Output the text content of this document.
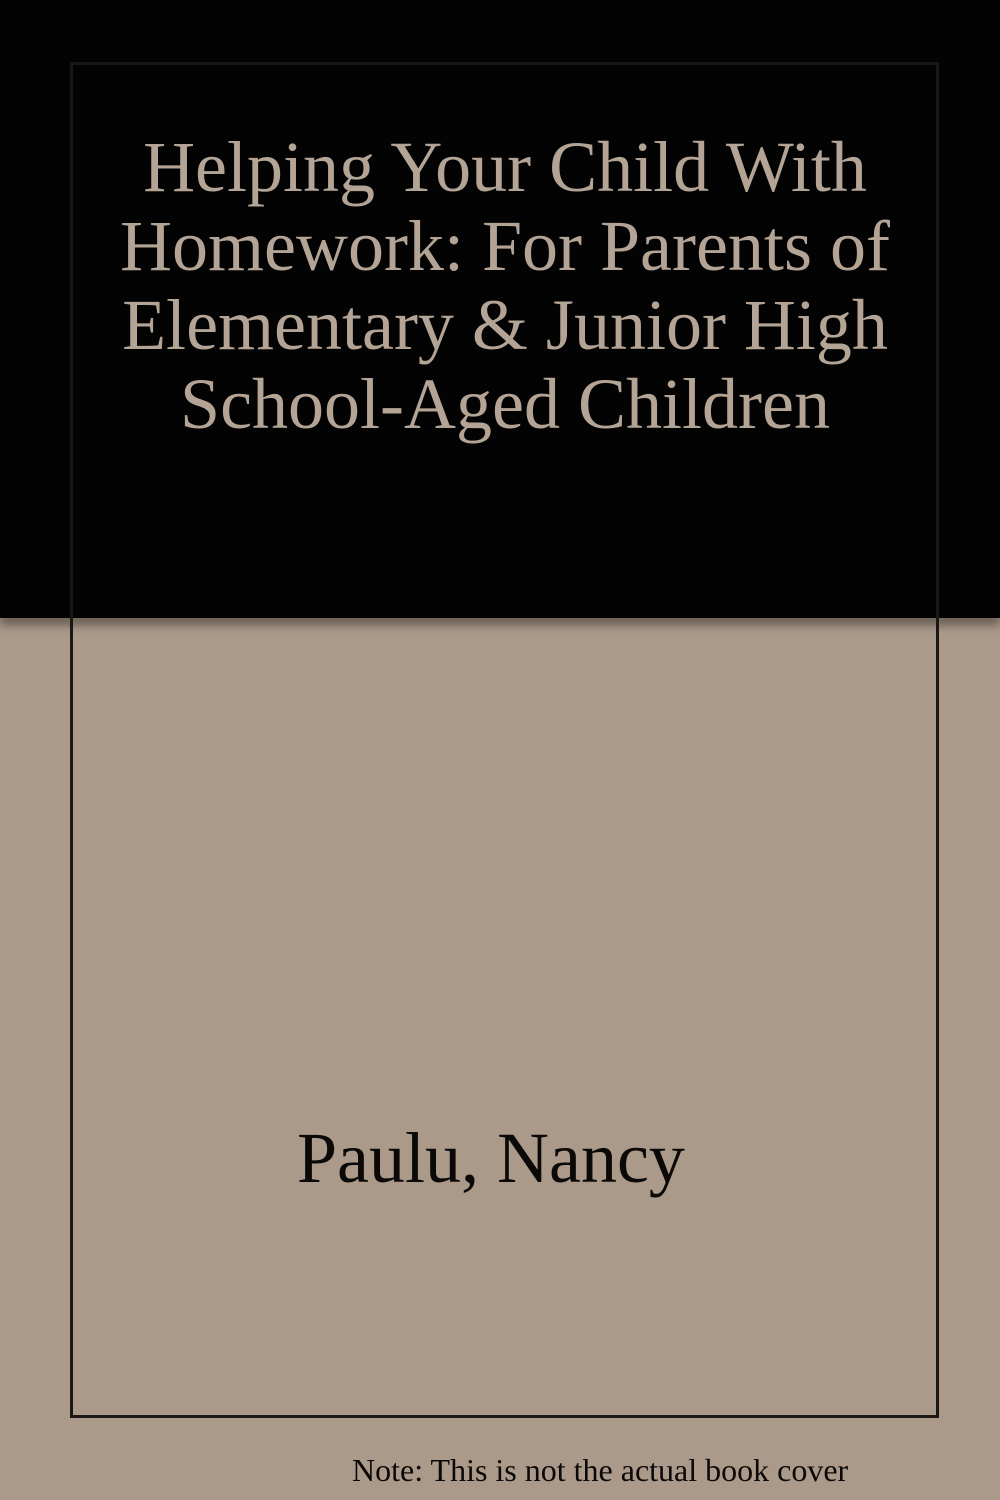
Helping Your Child With Homework: For Parents of Elementary & Junior High School-Aged Children

Paulu, Nancy

Note: This is not the actual book cover
